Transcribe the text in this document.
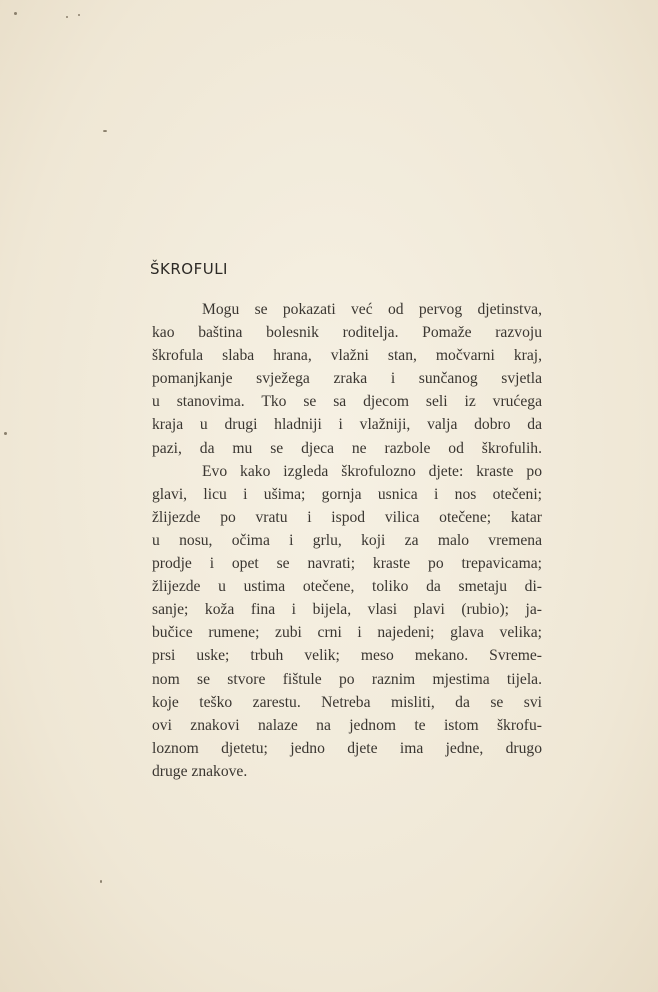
ŠKROFULI
Mogu se pokazati već od pervog djetinstva,
kao baština bolesnik roditelja. Pomaže razvoju
škrofula slaba hrana, vlažni stan, močvarni kraj,
pomanjkanje svježega zraka i sunčanog svjetla
u stanovima. Tko se sa djecom seli iz vrućega
kraja u drugi hladniji i vlažniji, valja dobro da
pazi, da mu se djeca ne razbole od škrofulih.
Evo kako izgleda škrofulozno djete: kraste po
glavi, licu i ušima; gornja usnica i nos otečeni;
žlijezde po vratu i ispod vilica otečene; katar
u nosu, očima i grlu, koji za malo vremena
prodje i opet se navrati; kraste po trepavicama;
žlijezde u ustima otečene, toliko da smetaju di-
sanje; koža fina i bijela, vlasi plavi (rubio); ja-
bučice rumene; zubi crni i najedeni; glava velika;
prsi uske; trbuh velik; meso mekano. Svreme-
nom se stvore fištule po raznim mjestima tijela.
koje teško zarestu. Netreba misliti, da se svi
ovi znakovi nalaze na jednom te istom škrofu-
loznom djetetu; jedno djete ima jedne, drugo
druge znakove.
